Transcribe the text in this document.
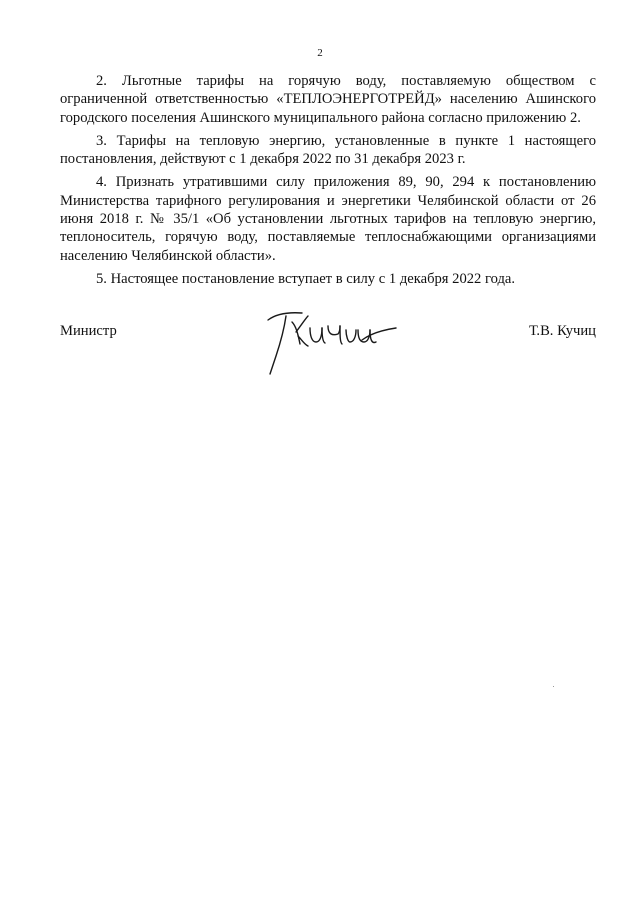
2

2. Льготные тарифы на горячую воду, поставляемую обществом с ограниченной ответственностью «ТЕПЛОЭНЕРГОТРЕЙД» населению Ашинского городского поселения Ашинского муниципального района согласно приложению 2.

3. Тарифы на тепловую энергию, установленные в пункте 1 настоящего постановления, действуют с 1 декабря 2022 по 31 декабря 2023 г.

4. Признать утратившими силу приложения 89, 90, 294 к постановлению Министерства тарифного регулирования и энергетики Челябинской области от 26 июня 2018 г. № 35/1 «Об установлении льготных тарифов на тепловую энергию, теплоноситель, горячую воду, поставляемые теплоснабжающими организациями населению Челябинской области».

5. Настоящее постановление вступает в силу с 1 декабря 2022 года.

Министр	Т.В. Кучиц
